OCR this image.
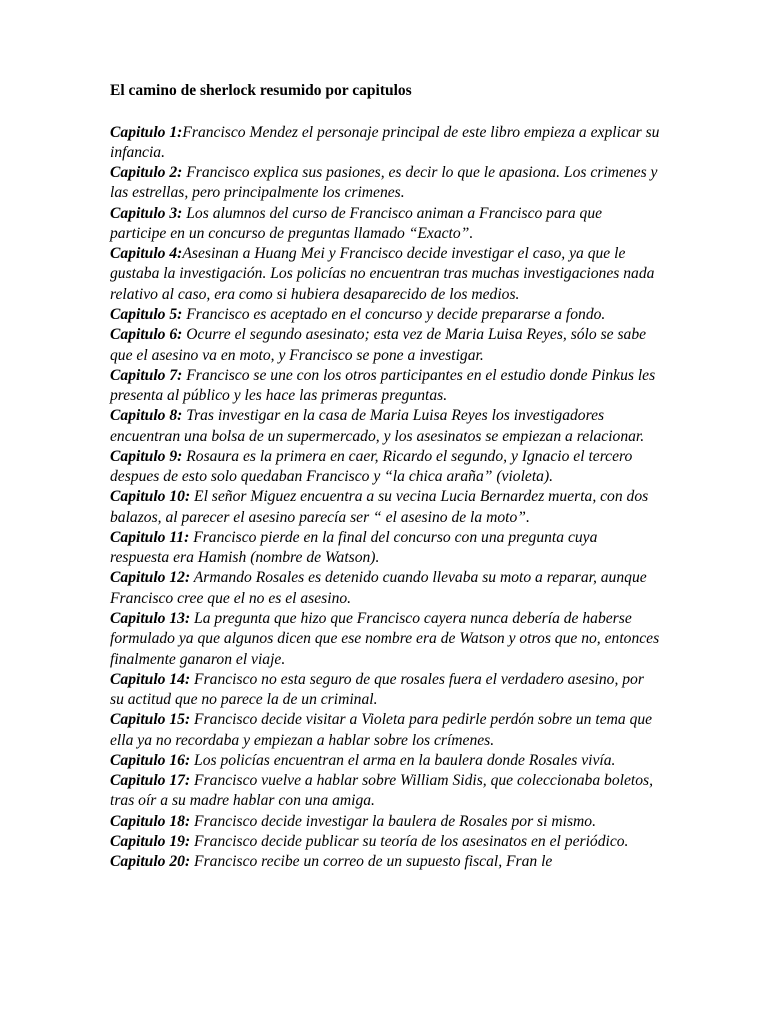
El camino de sherlock resumido por capitulos

Capitulo 1:Francisco Mendez el personaje principal de este libro empieza a explicar su infancia.

Capitulo 2: Francisco explica sus pasiones, es decir lo que le apasiona. Los crimenes y las estrellas, pero principalmente los crimenes.

Capitulo 3: Los alumnos del curso de Francisco animan a Francisco para que participe en un concurso de preguntas llamado “Exacto”.

Capitulo 4:Asesinan a Huang Mei y Francisco decide investigar el caso, ya que le gustaba la investigación. Los policías no encuentran tras muchas investigaciones nada relativo al caso, era como si hubiera desaparecido de los medios.

Capitulo 5: Francisco es aceptado en el concurso y decide prepararse a fondo.

Capitulo 6: Ocurre el segundo asesinato; esta vez de Maria Luisa Reyes, sólo se sabe que el asesino va en moto, y Francisco se pone a investigar.

Capitulo 7: Francisco se une con los otros participantes en el estudio donde Pinkus les presenta al público y les hace las primeras preguntas.

Capitulo 8: Tras investigar en la casa de Maria Luisa Reyes los investigadores encuentran una bolsa de un supermercado, y los asesinatos se empiezan a relacionar.

Capitulo 9: Rosaura es la primera en caer, Ricardo el segundo, y Ignacio el tercero despues de esto solo quedaban Francisco y “la chica araña” (violeta).

Capitulo 10: El señor Miguez encuentra a su vecina Lucia Bernardez muerta, con dos balazos, al parecer el asesino parecía ser “ el asesino de la moto”.

Capitulo 11: Francisco pierde en la final del concurso con una pregunta cuya respuesta era Hamish (nombre de Watson).

Capitulo 12: Armando Rosales es detenido cuando llevaba su moto a reparar, aunque Francisco cree que el no es el asesino.

Capitulo 13: La pregunta que hizo que Francisco cayera nunca debería de haberse formulado ya que algunos dicen que ese nombre era de Watson y otros que no, entonces finalmente ganaron el viaje.

Capitulo 14: Francisco no esta seguro de que rosales fuera el verdadero asesino, por su actitud que no parece la de un criminal.

Capitulo 15: Francisco decide visitar a Violeta para pedirle perdón sobre un tema que ella ya no recordaba y empiezan a hablar sobre los crímenes.

Capitulo 16: Los policías encuentran el arma en la baulera donde Rosales vivía.

Capitulo 17: Francisco vuelve a hablar sobre William Sidis, que coleccionaba boletos, tras oír a su madre hablar con una amiga.

Capitulo 18: Francisco decide investigar la baulera de Rosales por si mismo.

Capitulo 19: Francisco decide publicar su teoría de los asesinatos en el periódico.

Capitulo 20: Francisco recibe un correo de un supuesto fiscal, Fran le
